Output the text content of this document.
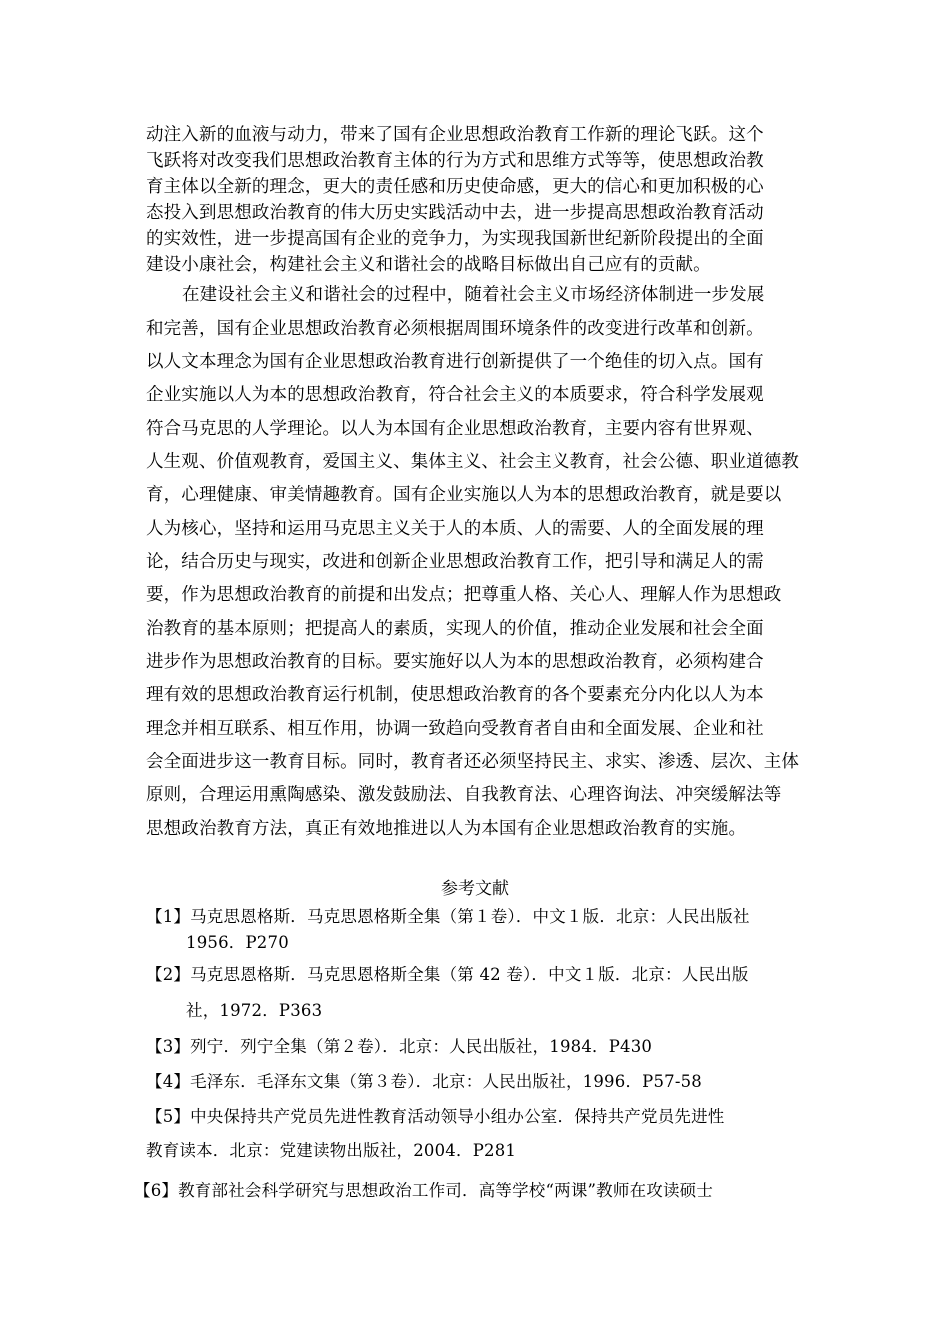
动注入新的血液与动力，带来了国有企业思想政治教育工作新的理论飞跃。这个
飞跃将对改变我们思想政治教育主体的行为方式和思维方式等等，使思想政治教
育主体以全新的理念，更大的责任感和历史使命感，更大的信心和更加积极的心
态投入到思想政治教育的伟大历史实践活动中去，进一步提高思想政治教育活动
的实效性，进一步提高国有企业的竞争力，为实现我国新世纪新阶段提出的全面
建设小康社会，构建社会主义和谐社会的战略目标做出自己应有的贡献。
在建设社会主义和谐社会的过程中，随着社会主义市场经济体制进一步发展
和完善，国有企业思想政治教育必须根据周围环境条件的改变进行改革和创新。
以人文本理念为国有企业思想政治教育进行创新提供了一个绝佳的切入点。国有
企业实施以人为本的思想政治教育，符合社会主义的本质要求，符合科学发展观
符合马克思的人学理论。以人为本国有企业思想政治教育，主要内容有世界观、
人生观、价值观教育，爱国主义、集体主义、社会主义教育，社会公德、职业道德教
育，心理健康、审美情趣教育。国有企业实施以人为本的思想政治教育，就是要以
人为核心，坚持和运用马克思主义关于人的本质、人的需要、人的全面发展的理
论，结合历史与现实，改进和创新企业思想政治教育工作，把引导和满足人的需
要，作为思想政治教育的前提和出发点；把尊重人格、关心人、理解人作为思想政
治教育的基本原则；把提高人的素质，实现人的价值，推动企业发展和社会全面
进步作为思想政治教育的目标。要实施好以人为本的思想政治教育，必须构建合
理有效的思想政治教育运行机制，使思想政治教育的各个要素充分内化以人为本
理念并相互联系、相互作用，协调一致趋向受教育者自由和全面发展、企业和社
会全面进步这一教育目标。同时，教育者还必须坚持民主、求实、渗透、层次、主体
原则，合理运用熏陶感染、激发鼓励法、自我教育法、心理咨询法、冲突缓解法等
思想政治教育方法，真正有效地推进以人为本国有企业思想政治教育的实施。
参考文献
【1】马克思恩格斯．马克思恩格斯全集（第１卷）．中文１版．北京：人民出版社
1956．P270
【2】马克思恩格斯．马克思恩格斯全集（第 42 卷）．中文１版．北京：人民出版
社，1972．P363
【3】列宁．列宁全集（第２卷）．北京：人民出版社，1984．P430
【4】毛泽东．毛泽东文集（第３卷）．北京：人民出版社，1996．P57-58
【5】中央保持共产党员先进性教育活动领导小组办公室．保持共产党员先进性
教育读本．北京：党建读物出版社，2004．P281
【6】教育部社会科学研究与思想政治工作司．高等学校“两课”教师在攻读硕士
